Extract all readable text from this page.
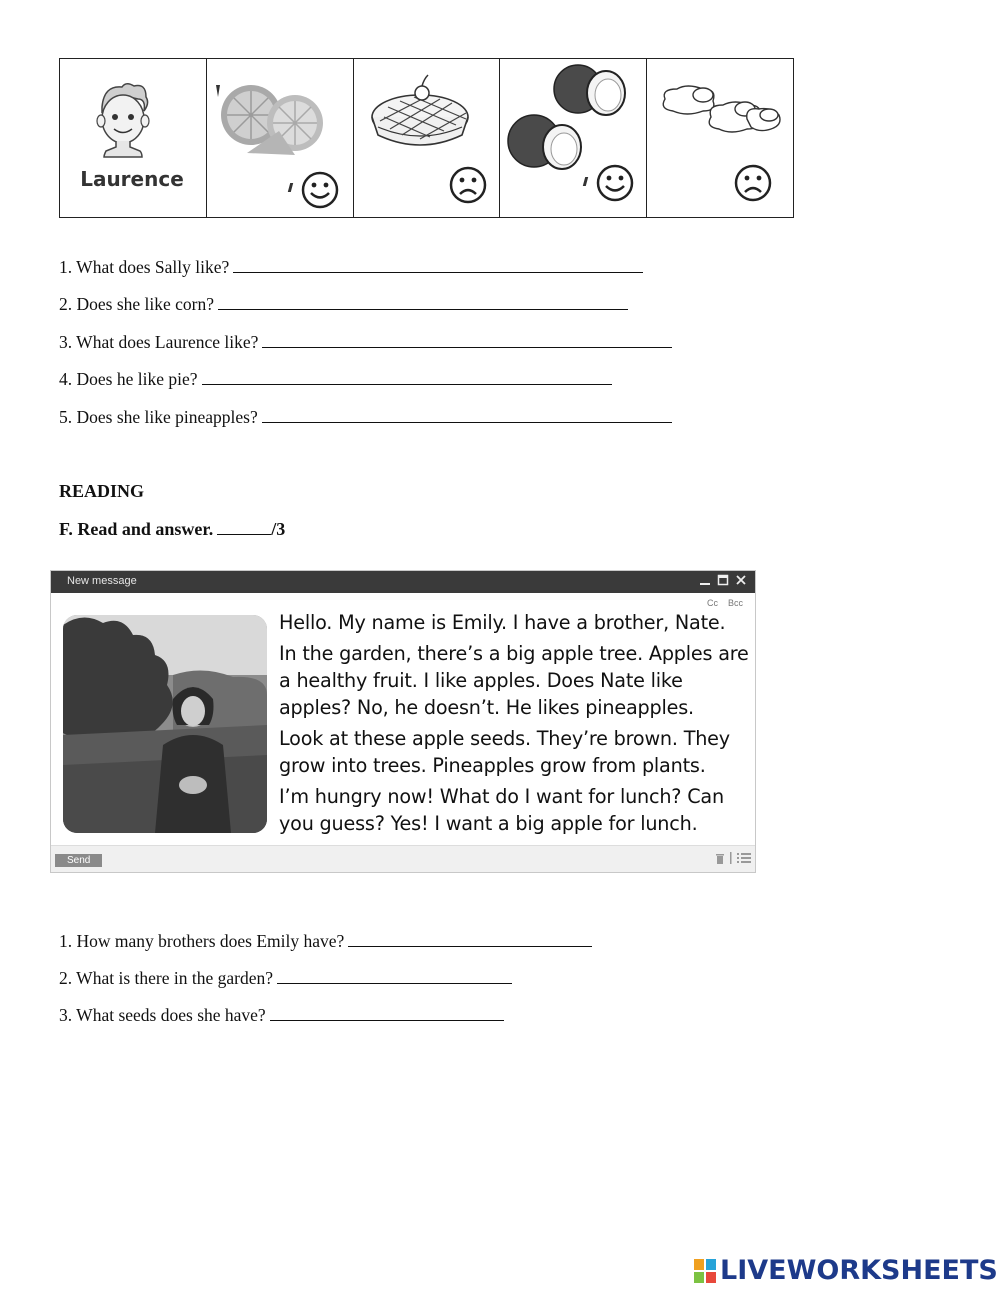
Laurence
1. What does Sally like?
2. Does she like corn?
3. What does Laurence like?
4. Does he like pie?
5. Does she like pineapples?
READING
F. Read and answer.	/3
New message
Cc Bcc

Hello. My name is Emily. I have a brother, Nate.

In the garden, there’s a big apple tree. Apples are a healthy fruit. I like apples. Does Nate like apples? No, he doesn’t. He likes pineapples.

Look at these apple seeds. They’re brown. They grow into trees. Pineapples grow from plants.

I’m hungry now! What do I want for lunch? Can you guess? Yes! I want a big apple for lunch.

Send
1. How many brothers does Emily have?
2. What is there in the garden?
3. What seeds does she have?
LIVEWORKSHEETS
